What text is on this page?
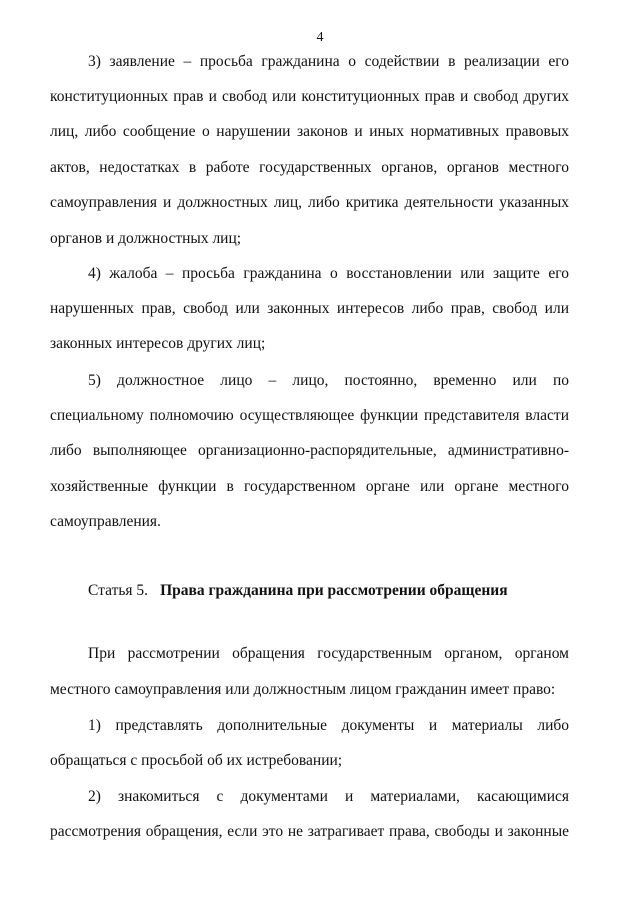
4
3) заявление – просьба гражданина о содействии в реализации его
конституционных прав и свобод или конституционных прав и свобод других
лиц, либо сообщение о нарушении законов и иных нормативных правовых
актов, недостатках в работе государственных органов, органов местного
самоуправления и должностных лиц, либо критика деятельности указанных
органов и должностных лиц;
4) жалоба – просьба гражданина о восстановлении или защите его
нарушенных прав, свобод или законных интересов либо прав, свобод или
законных интересов других лиц;
5) должностное лицо – лицо, постоянно, временно или по
специальному полномочию осуществляющее функции представителя власти
либо выполняющее организационно-распорядительные, административно-
хозяйственные функции в государственном органе или органе местного
самоуправления.
Статья 5. Права гражданина при рассмотрении обращения
При рассмотрении обращения государственным органом, органом
местного самоуправления или должностным лицом гражданин имеет право:
1) представлять дополнительные документы и материалы либо
обращаться с просьбой об их истребовании;
2) знакомиться с документами и материалами, касающимися
рассмотрения обращения, если это не затрагивает права, свободы и законные
